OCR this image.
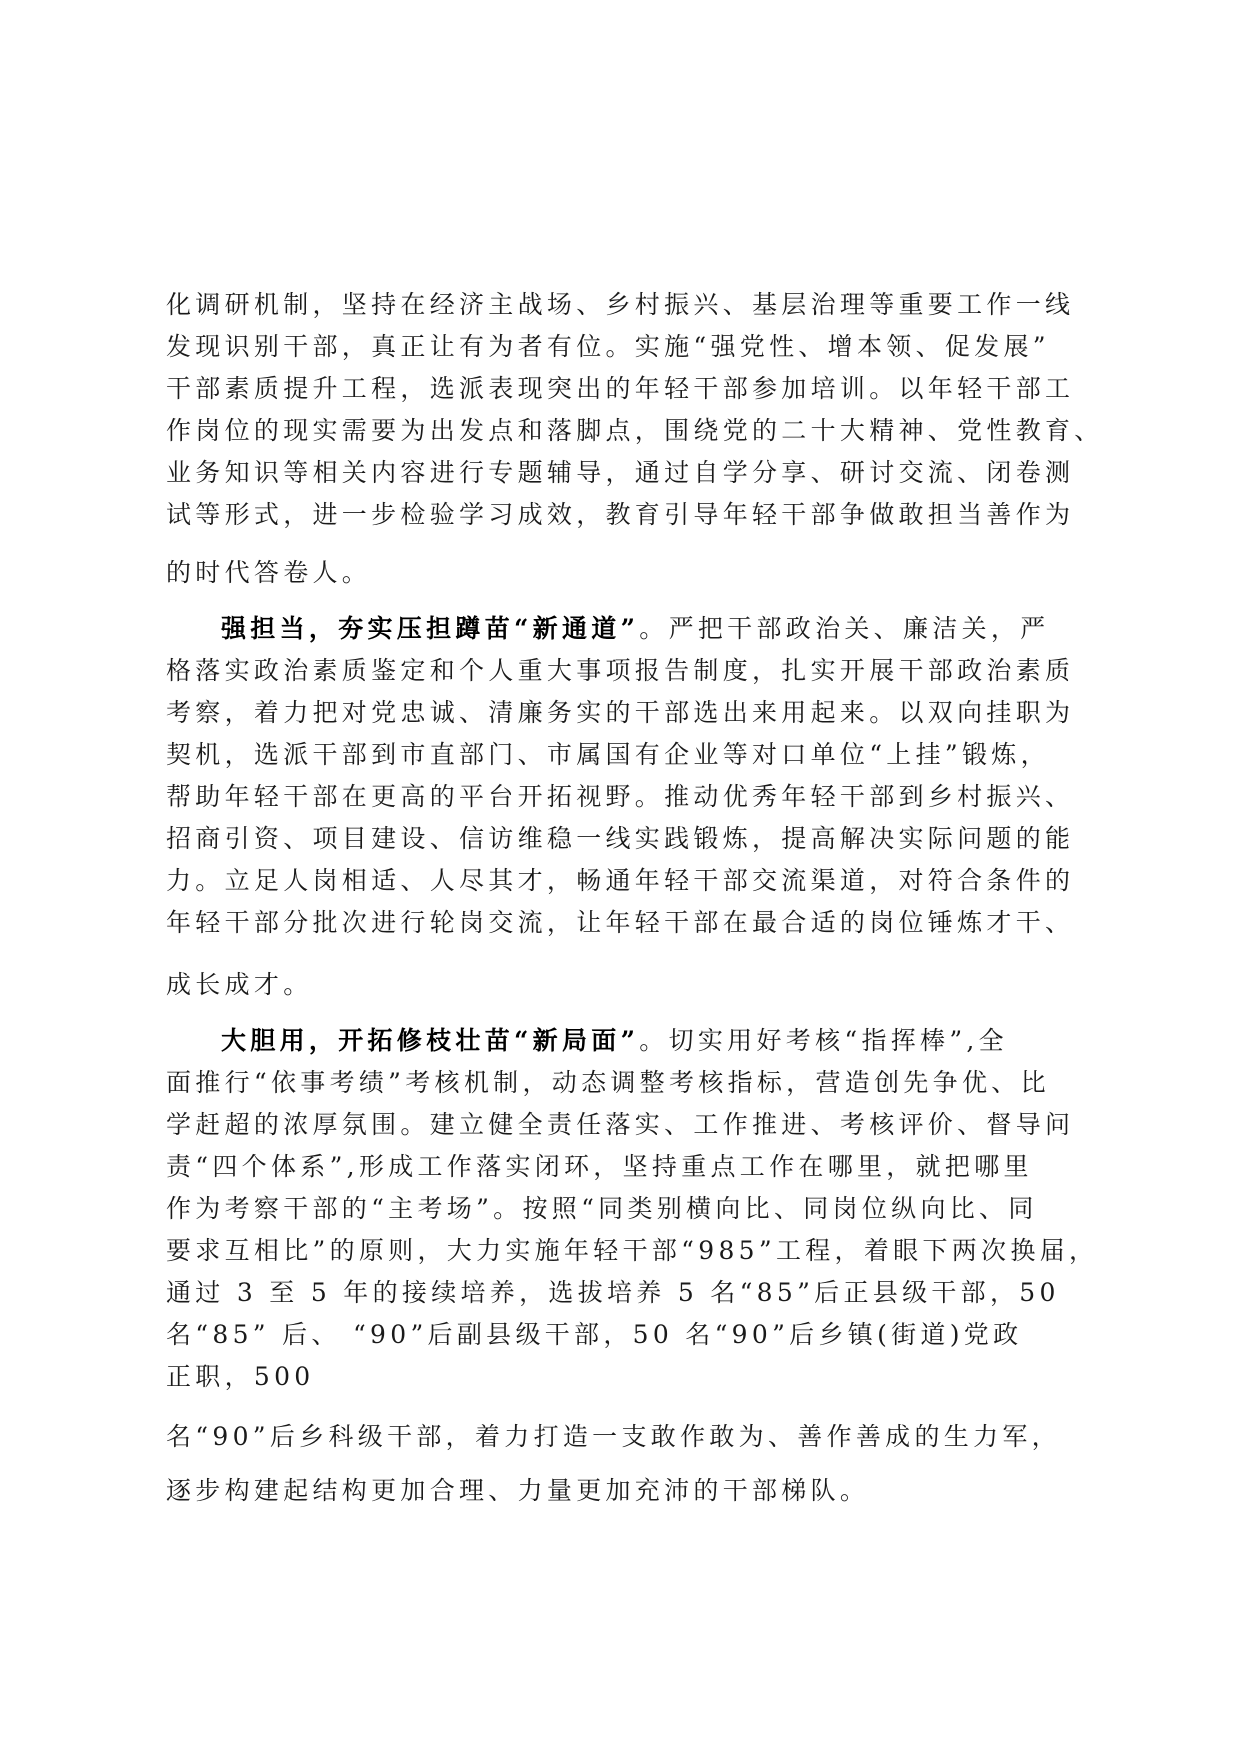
化调研机制，坚持在经济主战场、乡村振兴、基层治理等重要工作一线
发现识别干部，真正让有为者有位。实施“强党性、增本领、促发展”
干部素质提升工程，选派表现突出的年轻干部参加培训。以年轻干部工
作岗位的现实需要为出发点和落脚点，围绕党的二十大精神、党性教育、
业务知识等相关内容进行专题辅导，通过自学分享、研讨交流、闭卷测
试等形式，进一步检验学习成效，教育引导年轻干部争做敢担当善作为
的时代答卷人。
强担当，夯实压担蹲苗“新通道”。严把干部政治关、廉洁关，严
格落实政治素质鉴定和个人重大事项报告制度，扎实开展干部政治素质
考察，着力把对党忠诚、清廉务实的干部选出来用起来。以双向挂职为
契机，选派干部到市直部门、市属国有企业等对口单位“上挂”锻炼，
帮助年轻干部在更高的平台开拓视野。推动优秀年轻干部到乡村振兴、
招商引资、项目建设、信访维稳一线实践锻炼，提高解决实际问题的能
力。立足人岗相适、人尽其才，畅通年轻干部交流渠道，对符合条件的
年轻干部分批次进行轮岗交流，让年轻干部在最合适的岗位锤炼才干、
成长成才。
大胆用，开拓修枝壮苗“新局面”。切实用好考核“指挥棒”,全
面推行“依事考绩”考核机制，动态调整考核指标，营造创先争优、比
学赶超的浓厚氛围。建立健全责任落实、工作推进、考核评价、督导问
责“四个体系”,形成工作落实闭环，坚持重点工作在哪里，就把哪里
作为考察干部的“主考场”。按照“同类别横向比、同岗位纵向比、同
要求互相比”的原则，大力实施年轻干部“985”工程，着眼下两次换届，
通过 3 至 5 年的接续培养，选拔培养 5 名“85”后正县级干部，50
名“85” 后、 “90”后副县级干部，50 名“90”后乡镇(街道)党政
正职，500
名“90”后乡科级干部，着力打造一支敢作敢为、善作善成的生力军，
逐步构建起结构更加合理、力量更加充沛的干部梯队。
